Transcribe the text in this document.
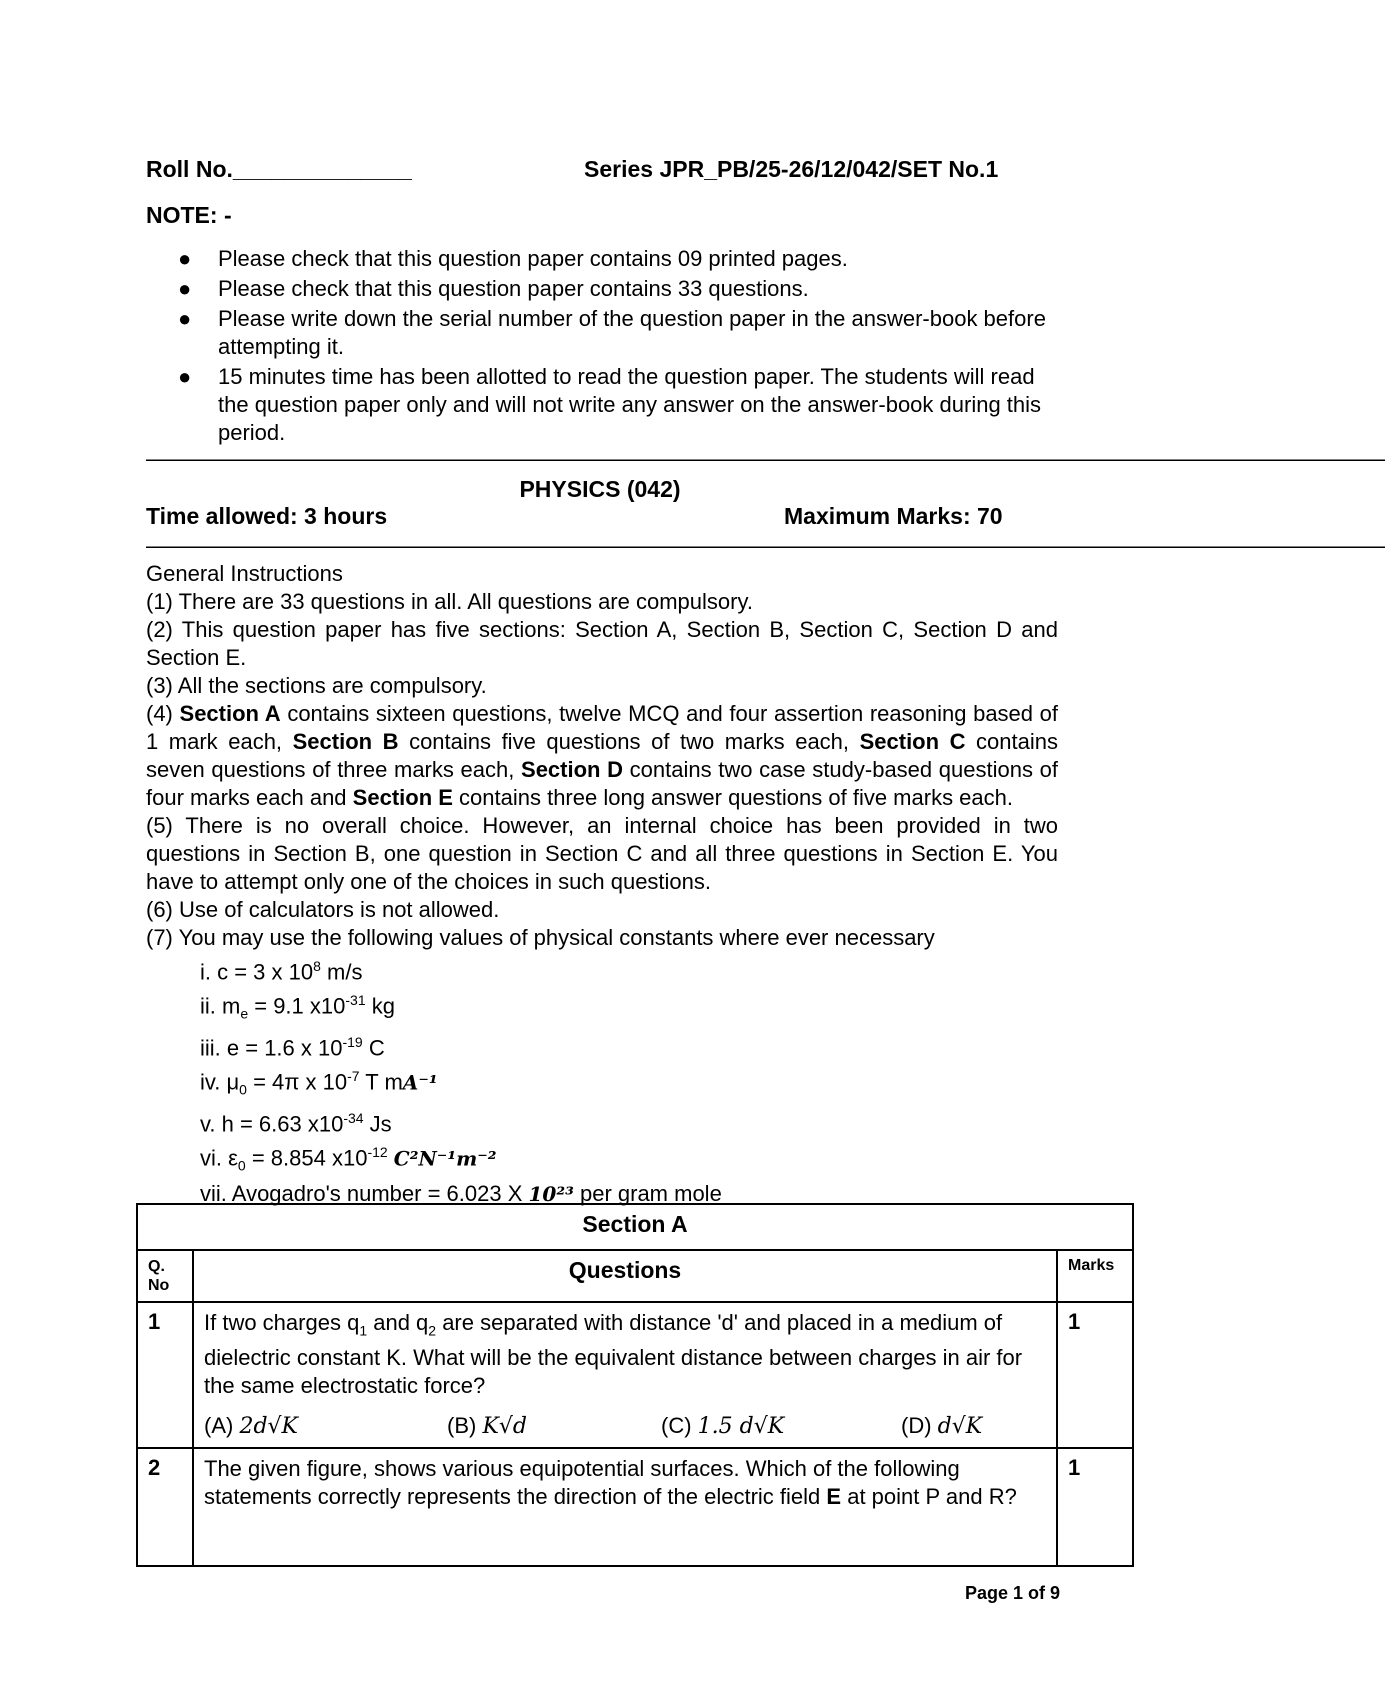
Roll No.______________	Series JPR_PB/25-26/12/042/SET No.1
NOTE: -
● Please check that this question paper contains 09 printed pages.
● Please check that this question paper contains 33 questions.
● Please write down the serial number of the question paper in the answer-book before attempting it.
● 15 minutes time has been allotted to read the question paper. The students will read the question paper only and will not write any answer on the answer-book during this period.
———————————————————————————————————————————————————————————
PHYSICS (042)
Time allowed: 3 hours	Maximum Marks: 70
———————————————————————————————————————————————————————————

General Instructions

(1) There are 33 questions in all. All questions are compulsory.

(2) This question paper has five sections: Section A, Section B, Section C, Section D and Section E.

(3) All the sections are compulsory.

(4) Section A contains sixteen questions, twelve MCQ and four assertion reasoning based of 1 mark each, Section B contains five questions of two marks each, Section C contains seven questions of three marks each, Section D contains two case study-based questions of four marks each and Section E contains three long answer questions of five marks each.

(5) There is no overall choice. However, an internal choice has been provided in two questions in Section B, one question in Section C and all three questions in Section E. You have to attempt only one of the choices in such questions.

(6) Use of calculators is not allowed.

(7) You may use the following values of physical constants where ever necessary

i. c = 3 x $10^8$ m/s
ii. $m_e = 9.1$ $x10^{-31}$ kg
iii. e = 1.6 x $10^{-19}$ C
iv. $\mu_0 = 4\pi$ x $10^{-7}$ T mA⁻¹
v. h = 6.63 $x10^{-34}$ Js
vi. $\varepsilon_0 = 8.854$ $x10^{-12}$ C²N⁻¹m⁻²
vii. Avogadro's number = 6.023 X 10²³ per gram mole
Section A		
Q. No	Questions	Marks
1	If two charges $q_1$ and $q_2$ are separated with distance 'd' and placed in a medium of dielectric constant K. What will be the equivalent distance between charges in air for the same electrostatic force?
(A) 2d√K (B) K√d (C) 1.5 d√K (D) d√K	1
2	The given figure, shows various equipotential surfaces. Which of the following statements correctly represents the direction of the electric field E at point P and R?	1
Page 1 of 9
